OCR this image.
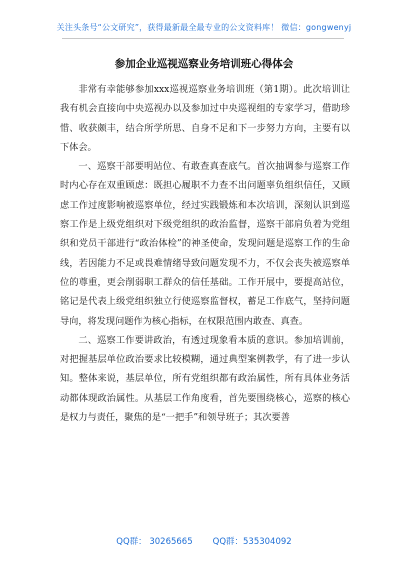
关注头条号“公文研究”，获得最新最全最专业的公文资料库！ 微信：gongwenyj
参加企业巡视巡察业务培训班心得体会

非常有幸能够参加xxx巡视巡察业务培训班（第1期）。此次培训让我有机会直接向中央巡视办以及参加过中央巡视组的专家学习，借助珍惜、收获颇丰，结合所学所思、自身不足和下一步努力方向，主要有以下体会。

一、巡察干部要明站位、有敢查真查底气。首次抽调参与巡察工作时内心存在双重顾虑：既担心履职不力查不出问题辜负组织信任，又顾虑工作过度影响被巡察单位，经过实践锻炼和本次培训，深刻认识到巡察工作是上级党组织对下级党组织的政治监督，巡察干部肩负着为党组织和党员干部进行“政治体检”的神圣使命，发现问题是巡察工作的生命线，若因能力不足或畏难情绪导致问题发现不力，不仅会丧失被巡察单位的尊重，更会削弱职工群众的信任基础。工作开展中，要提高站位，铭记是代表上级党组织独立行使巡察监督权，蓄足工作底气，坚持问题导向，将发现问题作为核心指标，在权限范围内敢查、真查。

二、巡察工作要讲政治，有透过现象看本质的意识。参加培训前，对把握基层单位政治要求比较模糊，通过典型案例教学，有了进一步认知。整体来说，基层单位，所有党组织都有政治属性，所有具体业务活动都体现政治属性。从基层工作角度看，首先要围绕核心，巡察的核心是权力与责任，聚焦的是“一把手”和领导班子；其次要善

QQ群： 30265665 QQ群：535304092
